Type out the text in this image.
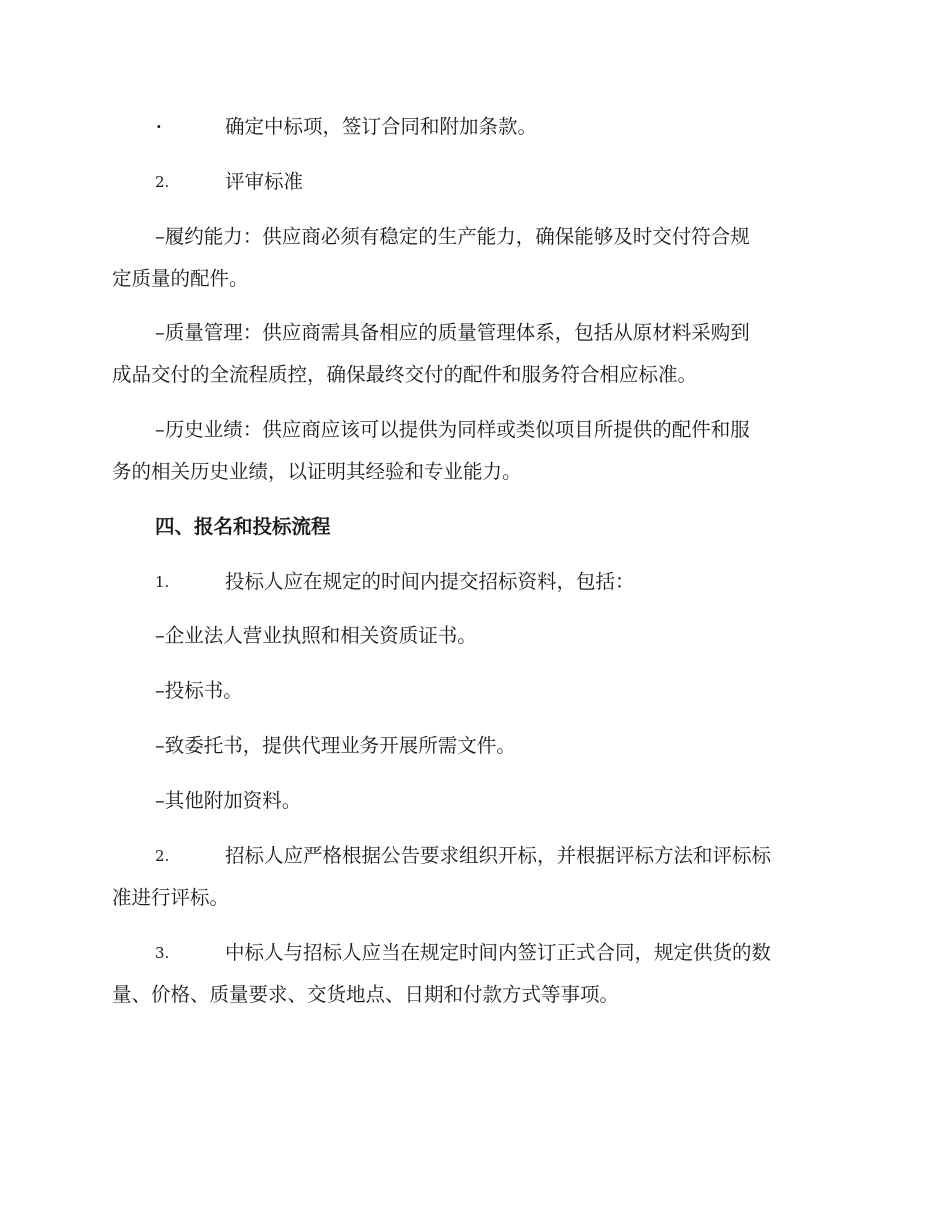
·	确定中标项，签订合同和附加条款。
2.	评审标准
–履约能力：供应商必须有稳定的生产能力，确保能够及时交付符合规
定质量的配件。
–质量管理：供应商需具备相应的质量管理体系，包括从原材料采购到
成品交付的全流程质控，确保最终交付的配件和服务符合相应标准。
–历史业绩：供应商应该可以提供为同样或类似项目所提供的配件和服
务的相关历史业绩，以证明其经验和专业能力。
四、报名和投标流程
1.	投标人应在规定的时间内提交招标资料，包括：
–企业法人营业执照和相关资质证书。
–投标书。
–致委托书，提供代理业务开展所需文件。
–其他附加资料。
2.	招标人应严格根据公告要求组织开标，并根据评标方法和评标标
准进行评标。
3.	中标人与招标人应当在规定时间内签订正式合同，规定供货的数
量、价格、质量要求、交货地点、日期和付款方式等事项。
